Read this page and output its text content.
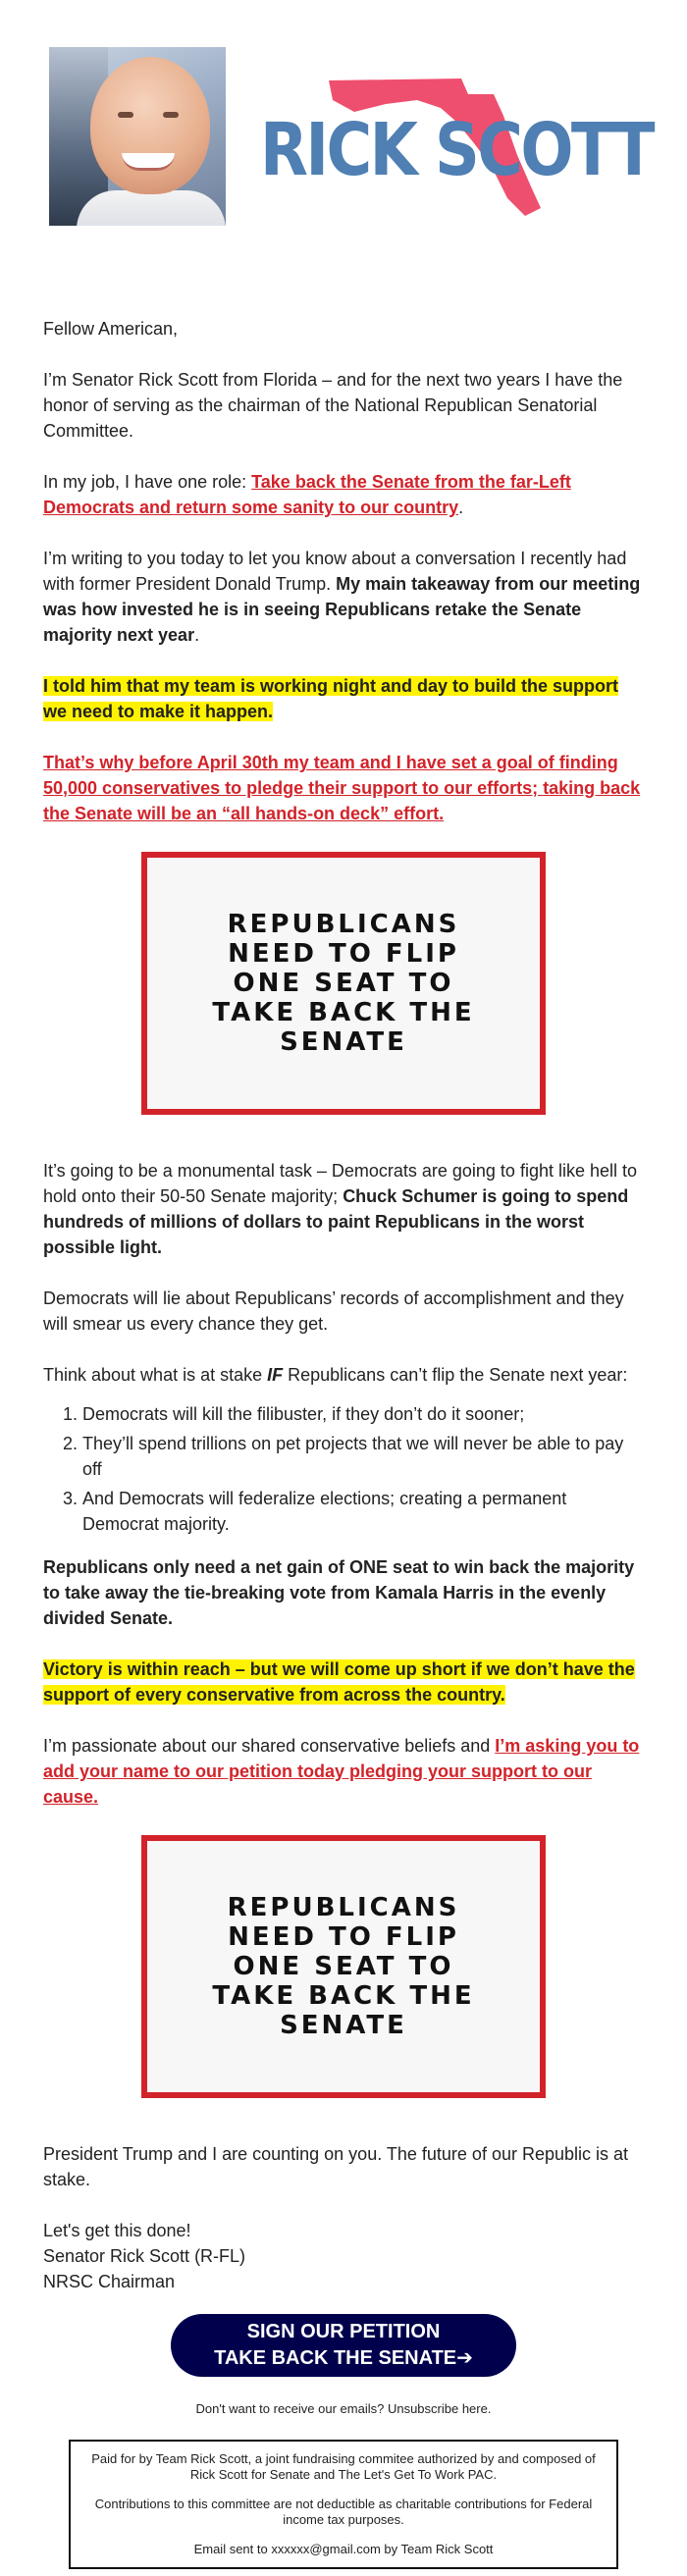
RICK SCOTT

Fellow American,

I’m Senator Rick Scott from Florida – and for the next two years I have the honor of serving as the chairman of the National Republican Senatorial Committee.

In my job, I have one role: Take back the Senate from the far-Left Democrats and return some sanity to our country.

I’m writing to you today to let you know about a conversation I recently had with former President Donald Trump. My main takeaway from our meeting was how invested he is in seeing Republicans retake the Senate majority next year.

I told him that my team is working night and day to build the support we need to make it happen.

That’s why before April 30th my team and I have set a goal of finding 50,000 conservatives to pledge their support to our efforts; taking back the Senate will be an “all hands-on deck” effort.

REPUBLICANS NEED TO FLIP ONE SEAT TO TAKE BACK THE SENATE

It’s going to be a monumental task – Democrats are going to fight like hell to hold onto their 50-50 Senate majority; Chuck Schumer is going to spend hundreds of millions of dollars to paint Republicans in the worst possible light.

Democrats will lie about Republicans’ records of accomplishment and they will smear us every chance they get.

Think about what is at stake IF Republicans can’t flip the Senate next year:

1. Democrats will kill the filibuster, if they don’t do it sooner;
2. They’ll spend trillions on pet projects that we will never be able to pay off
3. And Democrats will federalize elections; creating a permanent Democrat majority.

Republicans only need a net gain of ONE seat to win back the majority to take away the tie-breaking vote from Kamala Harris in the evenly divided Senate.

Victory is within reach – but we will come up short if we don’t have the support of every conservative from across the country.

I’m passionate about our shared conservative beliefs and I’m asking you to add your name to our petition today pledging your support to our cause.

REPUBLICANS NEED TO FLIP ONE SEAT TO TAKE BACK THE SENATE

President Trump and I are counting on you. The future of our Republic is at stake.

Let's get this done!
Senator Rick Scott (R-FL)
NRSC Chairman

SIGN OUR PETITION
TAKE BACK THE SENATE➔
Don't want to receive our emails? Unsubscribe here.

Paid for by Team Rick Scott, a joint fundraising commitee authorized by and composed of Rick Scott for Senate and The Let's Get To Work PAC.

Contributions to this committee are not deductible as charitable contributions for Federal income tax purposes.

Email sent to xxxxxx@gmail.com by Team Rick Scott
